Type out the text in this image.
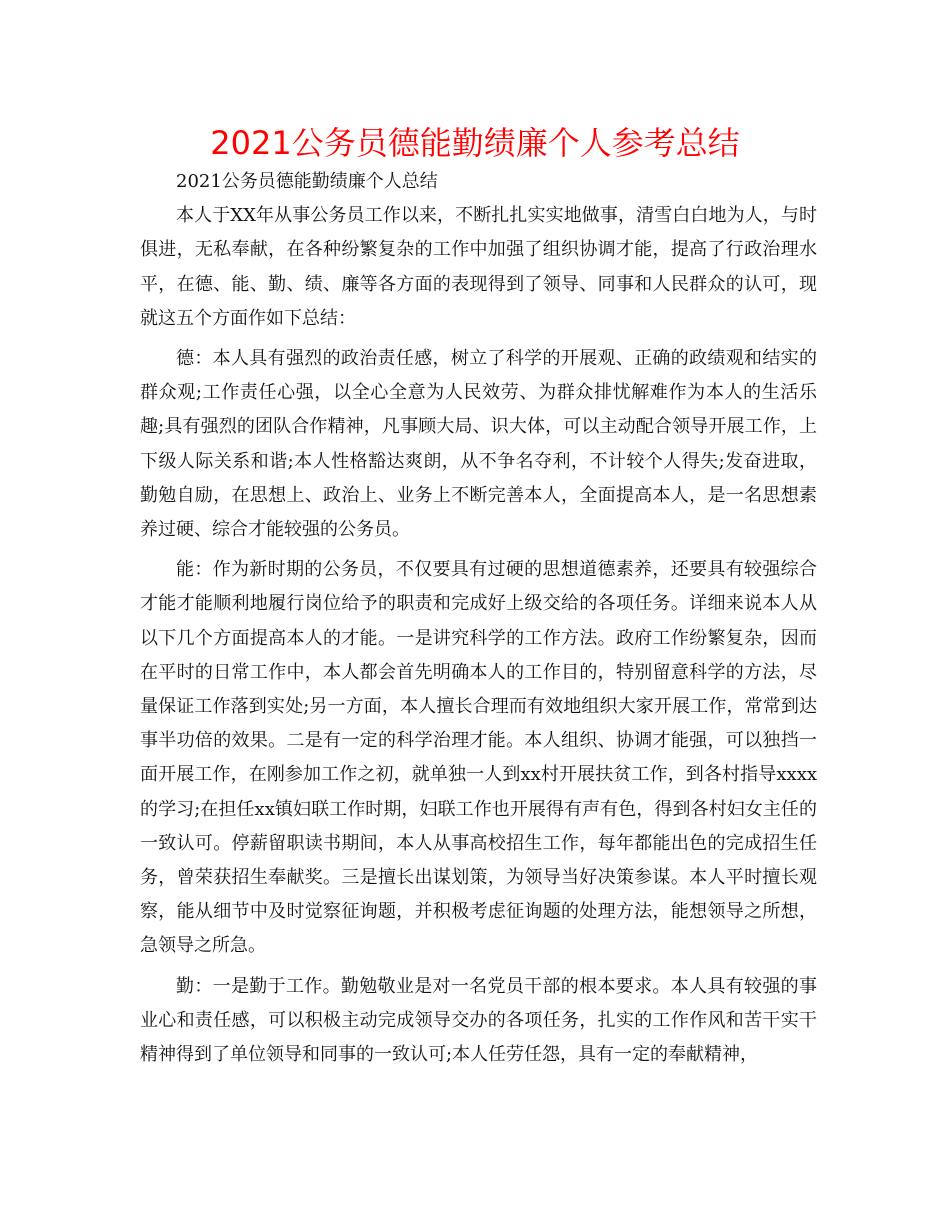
2021公务员德能勤绩廉个人参考总结

2021公务员德能勤绩廉个人总结

本人于XX年从事公务员工作以来，不断扎扎实实地做事，清雪白白地为人，与时俱进，无私奉献，在各种纷繁复杂的工作中加强了组织协调才能，提高了行政治理水平，在德、能、勤、绩、廉等各方面的表现得到了领导、同事和人民群众的认可，现就这五个方面作如下总结：

德：本人具有强烈的政治责任感，树立了科学的开展观、正确的政绩观和结实的群众观;工作责任心强，以全心全意为人民效劳、为群众排忧解难作为本人的生活乐趣;具有强烈的团队合作精神，凡事顾大局、识大体，可以主动配合领导开展工作，上下级人际关系和谐;本人性格豁达爽朗，从不争名夺利，不计较个人得失;发奋进取，勤勉自励，在思想上、政治上、业务上不断完善本人，全面提高本人，是一名思想素养过硬、综合才能较强的公务员。

能：作为新时期的公务员，不仅要具有过硬的思想道德素养，还要具有较强综合才能才能顺利地履行岗位给予的职责和完成好上级交给的各项任务。详细来说本人从以下几个方面提高本人的才能。一是讲究科学的工作方法。政府工作纷繁复杂，因而在平时的日常工作中，本人都会首先明确本人的工作目的，特别留意科学的方法，尽量保证工作落到实处;另一方面，本人擅长合理而有效地组织大家开展工作，常常到达事半功倍的效果。二是有一定的科学治理才能。本人组织、协调才能强，可以独挡一面开展工作，在刚参加工作之初，就单独一人到xx村开展扶贫工作，到各村指导xxxx的学习;在担任xx镇妇联工作时期，妇联工作也开展得有声有色，得到各村妇女主任的一致认可。停薪留职读书期间，本人从事高校招生工作，每年都能出色的完成招生任务，曾荣获招生奉献奖。三是擅长出谋划策，为领导当好决策参谋。本人平时擅长观察，能从细节中及时觉察征询题，并积极考虑征询题的处理方法，能想领导之所想，急领导之所急。

勤：一是勤于工作。勤勉敬业是对一名党员干部的根本要求。本人具有较强的事业心和责任感，可以积极主动完成领导交办的各项任务，扎实的工作作风和苦干实干精神得到了单位领导和同事的一致认可;本人任劳任怨，具有一定的奉献精神，
